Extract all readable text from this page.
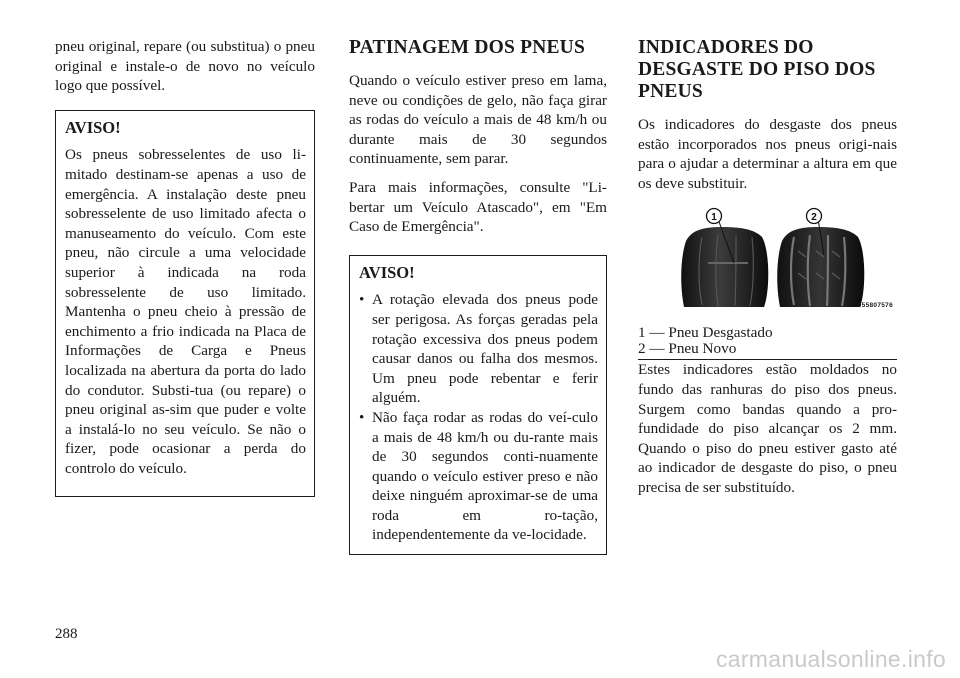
pneu original, repare (ou substitua) o pneu original e instale-o de novo no veículo logo que possível.

AVISO!

Os pneus sobresselentes de uso li-mitado destinam-se apenas a uso de emergência. A instalação deste pneu sobresselente de uso limitado afecta o manuseamento do veículo. Com este pneu, não circule a uma velocidade superior à indicada na roda sobresselente de uso limitado. Mantenha o pneu cheio à pressão de enchimento a frio indicada na Placa de Informações de Carga e Pneus localizada na abertura da porta do lado do condutor. Substi-tua (ou repare) o pneu original as-sim que puder e volte a instalá-lo no seu veículo. Se não o fizer, pode ocasionar a perda do controlo do veículo.

PATINAGEM DOS PNEUS

Quando o veículo estiver preso em lama, neve ou condições de gelo, não faça girar as rodas do veículo a mais de 48 km/h ou durante mais de 30 segundos continuamente, sem parar.

Para mais informações, consulte "Li-bertar um Veículo Atascado", em "Em Caso de Emergência".

AVISO!
• A rotação elevada dos pneus pode ser perigosa. As forças geradas pela rotação excessiva dos pneus podem causar danos ou falha dos mesmos. Um pneu pode rebentar e ferir alguém.
• Não faça rodar as rodas do veí-culo a mais de 48 km/h ou du-rante mais de 30 segundos conti-nuamente quando o veículo estiver preso e não deixe ninguém aproximar-se de uma roda em ro-tação, independentemente da ve-locidade.
INDICADORES DO DESGASTE DO PISO DOS PNEUS

Os indicadores do desgaste dos pneus estão incorporados nos pneus origi-nais para o ajudar a determinar a altura em que os deve substituir.

1	2
055807576
1 — Pneu Desgastado
2 — Pneu Novo

Estes indicadores estão moldados no fundo das ranhuras do piso dos pneus. Surgem como bandas quando a pro-fundidade do piso alcançar os 2 mm. Quando o piso do pneu estiver gasto até ao indicador de desgaste do piso, o pneu precisa de ser substituído.

288
carmanualsonline.info
